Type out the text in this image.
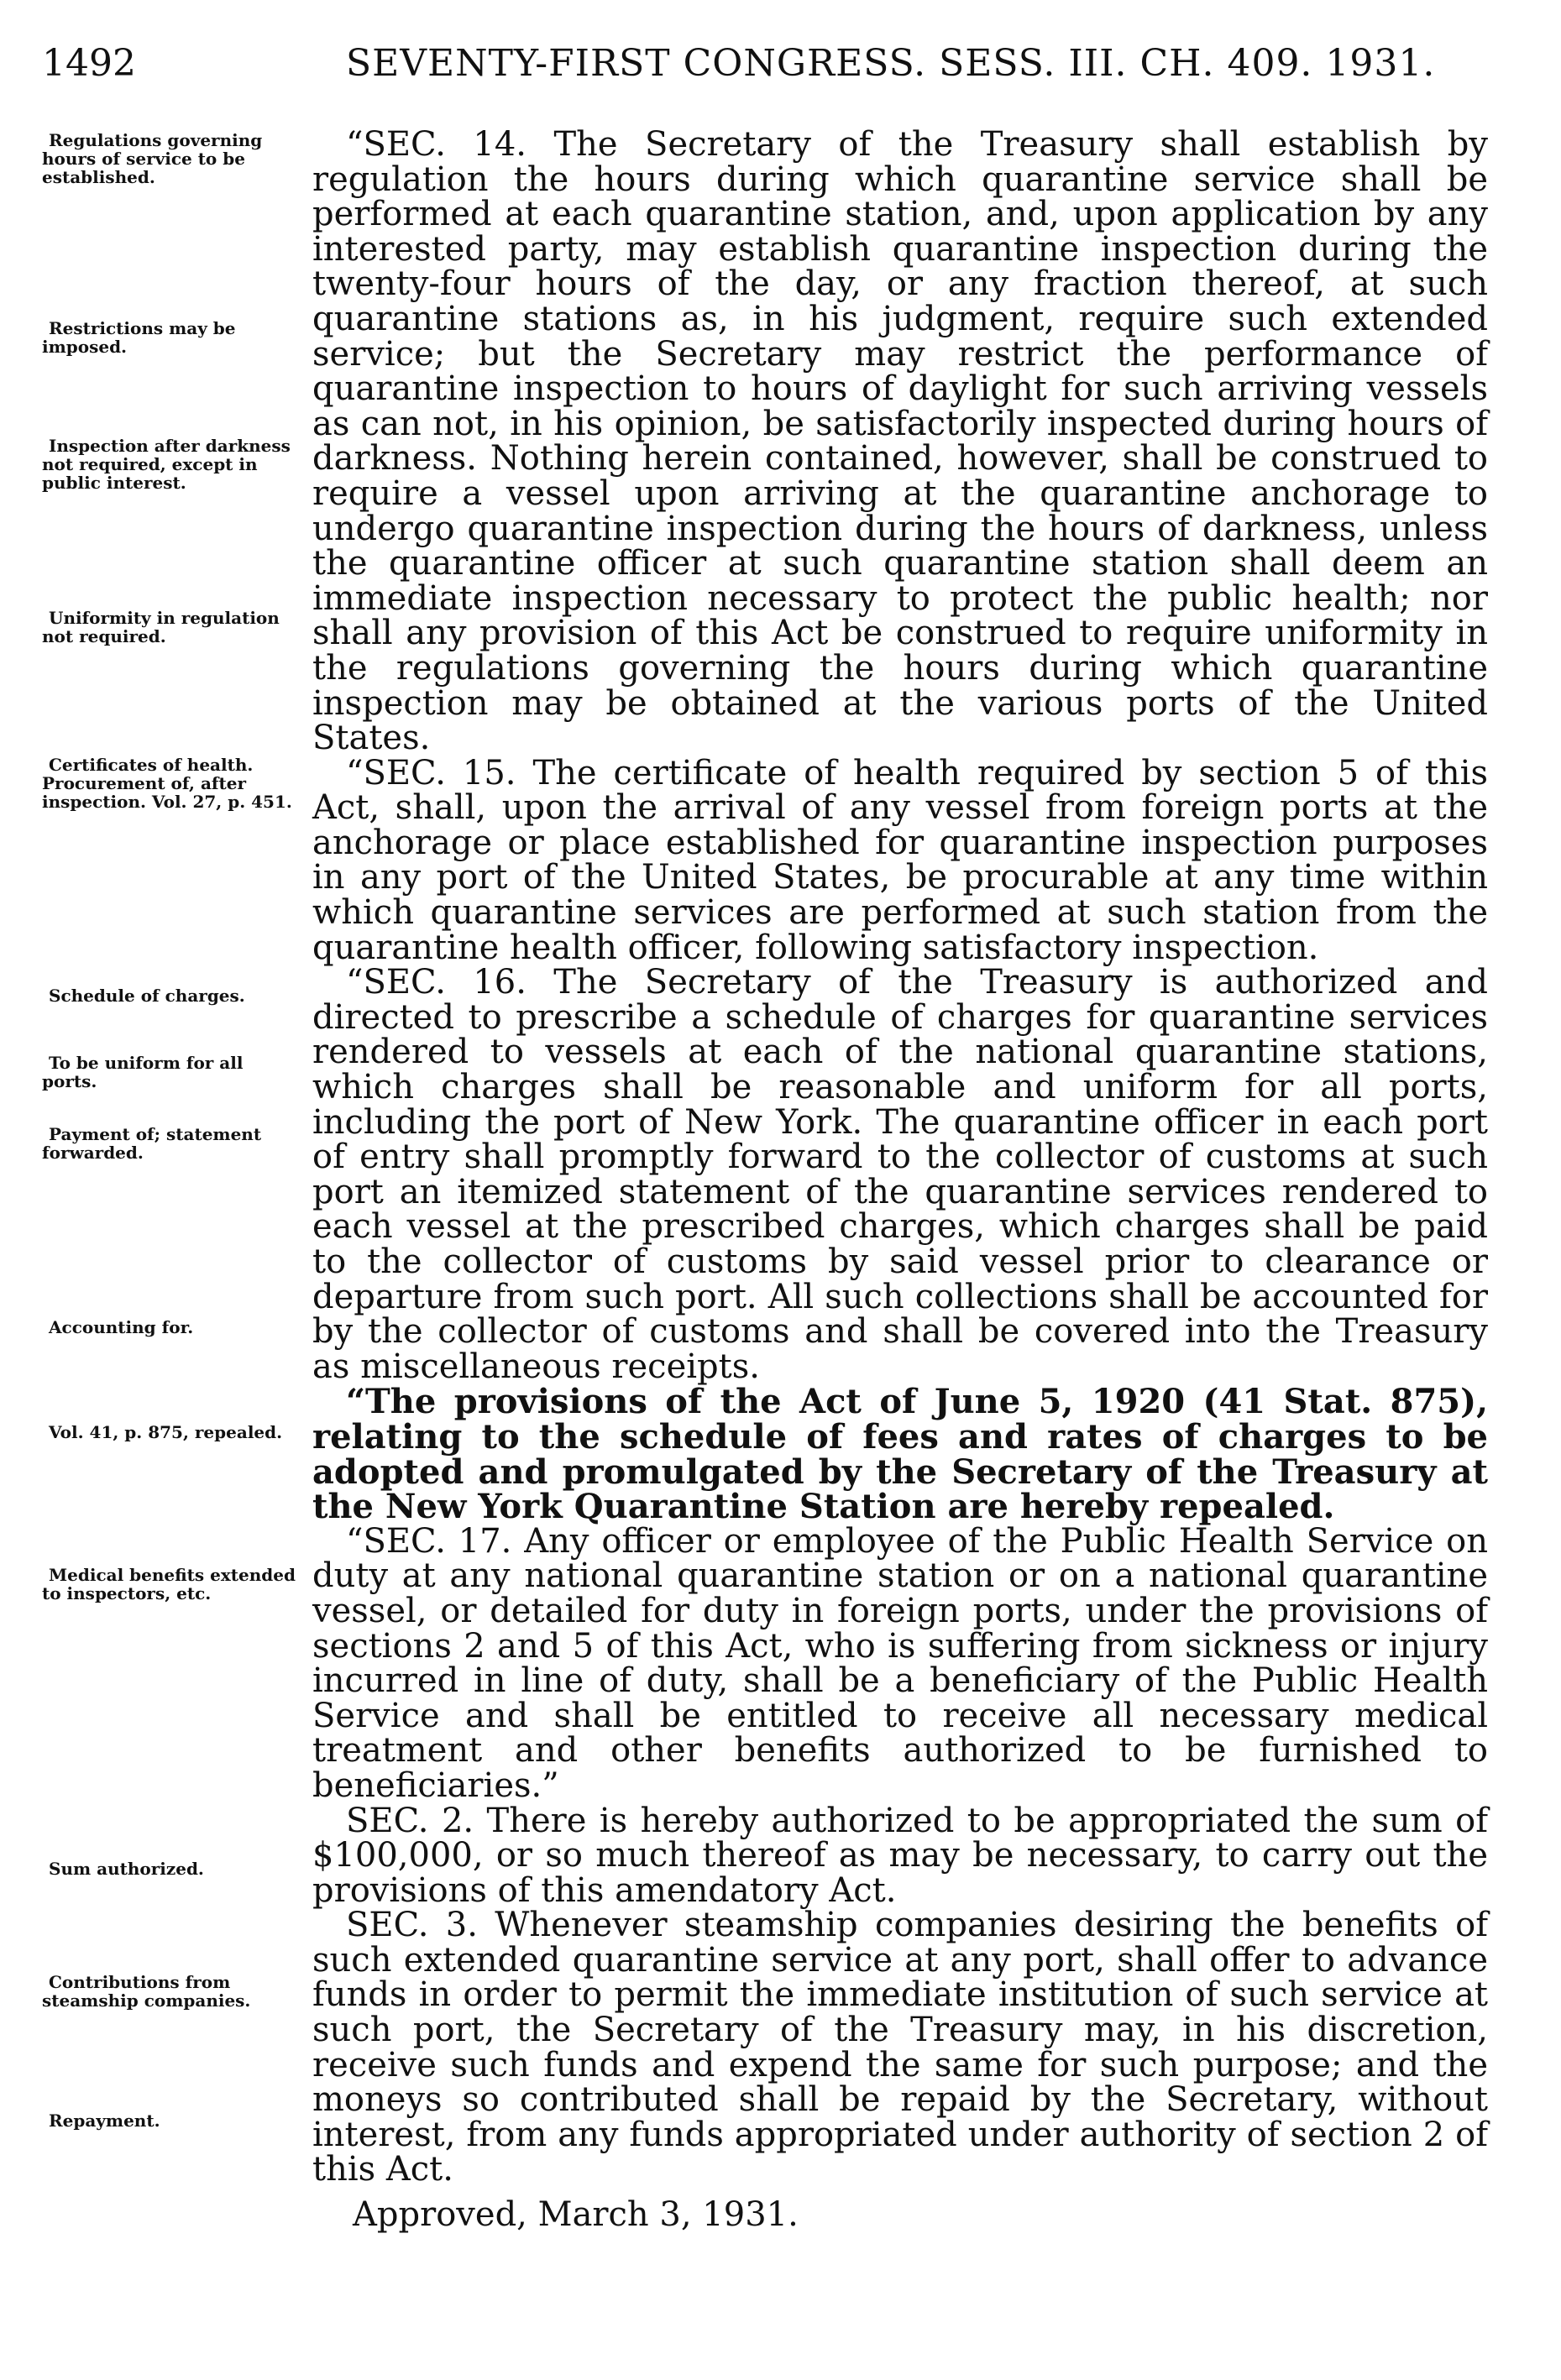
1492	SEVENTY-FIRST CONGRESS. SESS. III. CH. 409. 1931.
Regulations governing hours of service to be established.
Restrictions may be imposed.
Inspection after darkness not required, except in public interest.
Uniformity in regulation not required.
Certificates of health. Procurement of, after inspection. Vol. 27, p. 451.
Schedule of charges.
To be uniform for all ports.
Payment of; statement forwarded.
Accounting for.
Vol. 41, p. 875, repealed.
Medical benefits extended to inspectors, etc.
Sum authorized.
Contributions from steamship companies.
Repayment.

“SEC. 14. The Secretary of the Treasury shall establish by regulation the hours during which quarantine service shall be performed at each quarantine station, and, upon application by any interested party, may establish quarantine inspection during the twenty-four hours of the day, or any fraction thereof, at such quarantine stations as, in his judgment, require such extended service; but the Secretary may restrict the performance of quarantine inspection to hours of daylight for such arriving vessels as can not, in his opinion, be satisfactorily inspected during hours of darkness. Nothing herein contained, however, shall be construed to require a vessel upon arriving at the quarantine anchorage to undergo quarantine inspection during the hours of darkness, unless the quarantine officer at such quarantine station shall deem an immediate inspection necessary to protect the public health; nor shall any provision of this Act be construed to require uniformity in the regulations governing the hours during which quarantine inspection may be obtained at the various ports of the United States.

“SEC. 15. The certificate of health required by section 5 of this Act, shall, upon the arrival of any vessel from foreign ports at the anchorage or place established for quarantine inspection purposes in any port of the United States, be procurable at any time within which quarantine services are performed at such station from the quarantine health officer, following satisfactory inspection.

“SEC. 16. The Secretary of the Treasury is authorized and directed to prescribe a schedule of charges for quarantine services rendered to vessels at each of the national quarantine stations, which charges shall be reasonable and uniform for all ports, including the port of New York. The quarantine officer in each port of entry shall promptly forward to the collector of customs at such port an itemized statement of the quarantine services rendered to each vessel at the prescribed charges, which charges shall be paid to the collector of customs by said vessel prior to clearance or departure from such port. All such collections shall be accounted for by the collector of customs and shall be covered into the Treasury as miscellaneous receipts.

“The provisions of the Act of June 5, 1920 (41 Stat. 875), relating to the schedule of fees and rates of charges to be adopted and promulgated by the Secretary of the Treasury at the New York Quarantine Station are hereby repealed.

“SEC. 17. Any officer or employee of the Public Health Service on duty at any national quarantine station or on a national quarantine vessel, or detailed for duty in foreign ports, under the provisions of sections 2 and 5 of this Act, who is suffering from sickness or injury incurred in line of duty, shall be a beneficiary of the Public Health Service and shall be entitled to receive all necessary medical treatment and other benefits authorized to be furnished to beneficiaries.”

SEC. 2. There is hereby authorized to be appropriated the sum of $100,000, or so much thereof as may be necessary, to carry out the provisions of this amendatory Act.

SEC. 3. Whenever steamship companies desiring the benefits of such extended quarantine service at any port, shall offer to advance funds in order to permit the immediate institution of such service at such port, the Secretary of the Treasury may, in his discretion, receive such funds and expend the same for such purpose; and the moneys so contributed shall be repaid by the Secretary, without interest, from any funds appropriated under authority of section 2 of this Act.

Approved, March 3, 1931.
